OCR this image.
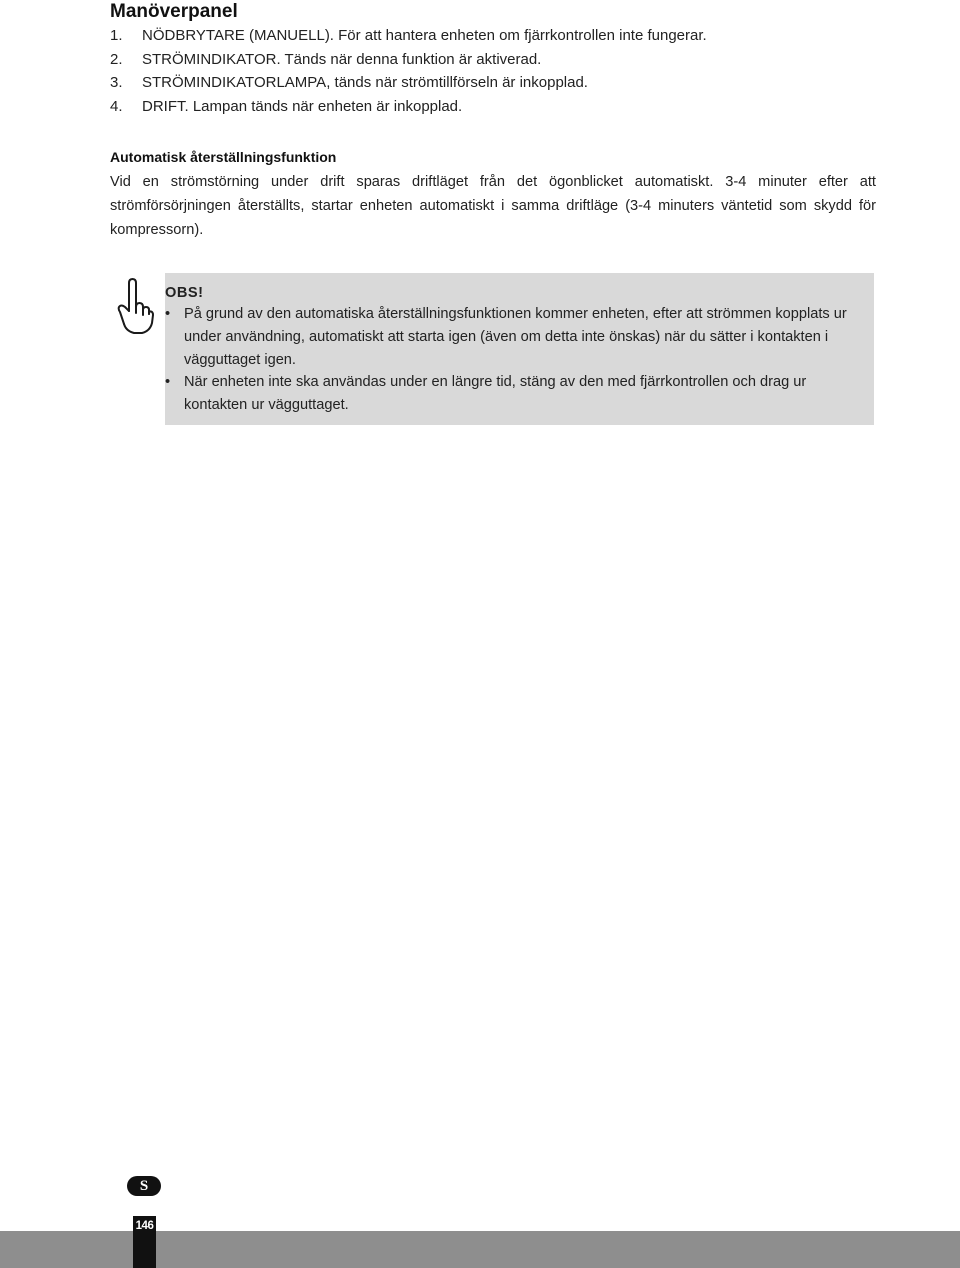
Manöverpanel
1.	NÖDBRYTARE (MANUELL). För att hantera enheten om fjärrkontrollen inte fungerar.
2.	STRÖMINDIKATOR. Tänds när denna funktion är aktiverad.
3.	STRÖMINDIKATORLAMPA, tänds när strömtillförseln är inkopplad.
4.	DRIFT. Lampan tänds när enheten är inkopplad.
Automatisk återställningsfunktion

Vid en strömstörning under drift sparas driftläget från det ögonblicket automatiskt. 3-4 minuter efter att strömförsörjningen återställts, startar enheten automatiskt i samma driftläge (3-4 minuters väntetid som skydd för kompressorn).

OBS!
• På grund av den automatiska återställningsfunktionen kommer enheten, efter att strömmen kopplats ur under användning, automatiskt att starta igen (även om detta inte önskas) när du sätter i kontakten i vägguttaget igen.
• När enheten inte ska användas under en längre tid, stäng av den med fjärrkontrollen och drag ur kontakten ur vägguttaget.
S
146
